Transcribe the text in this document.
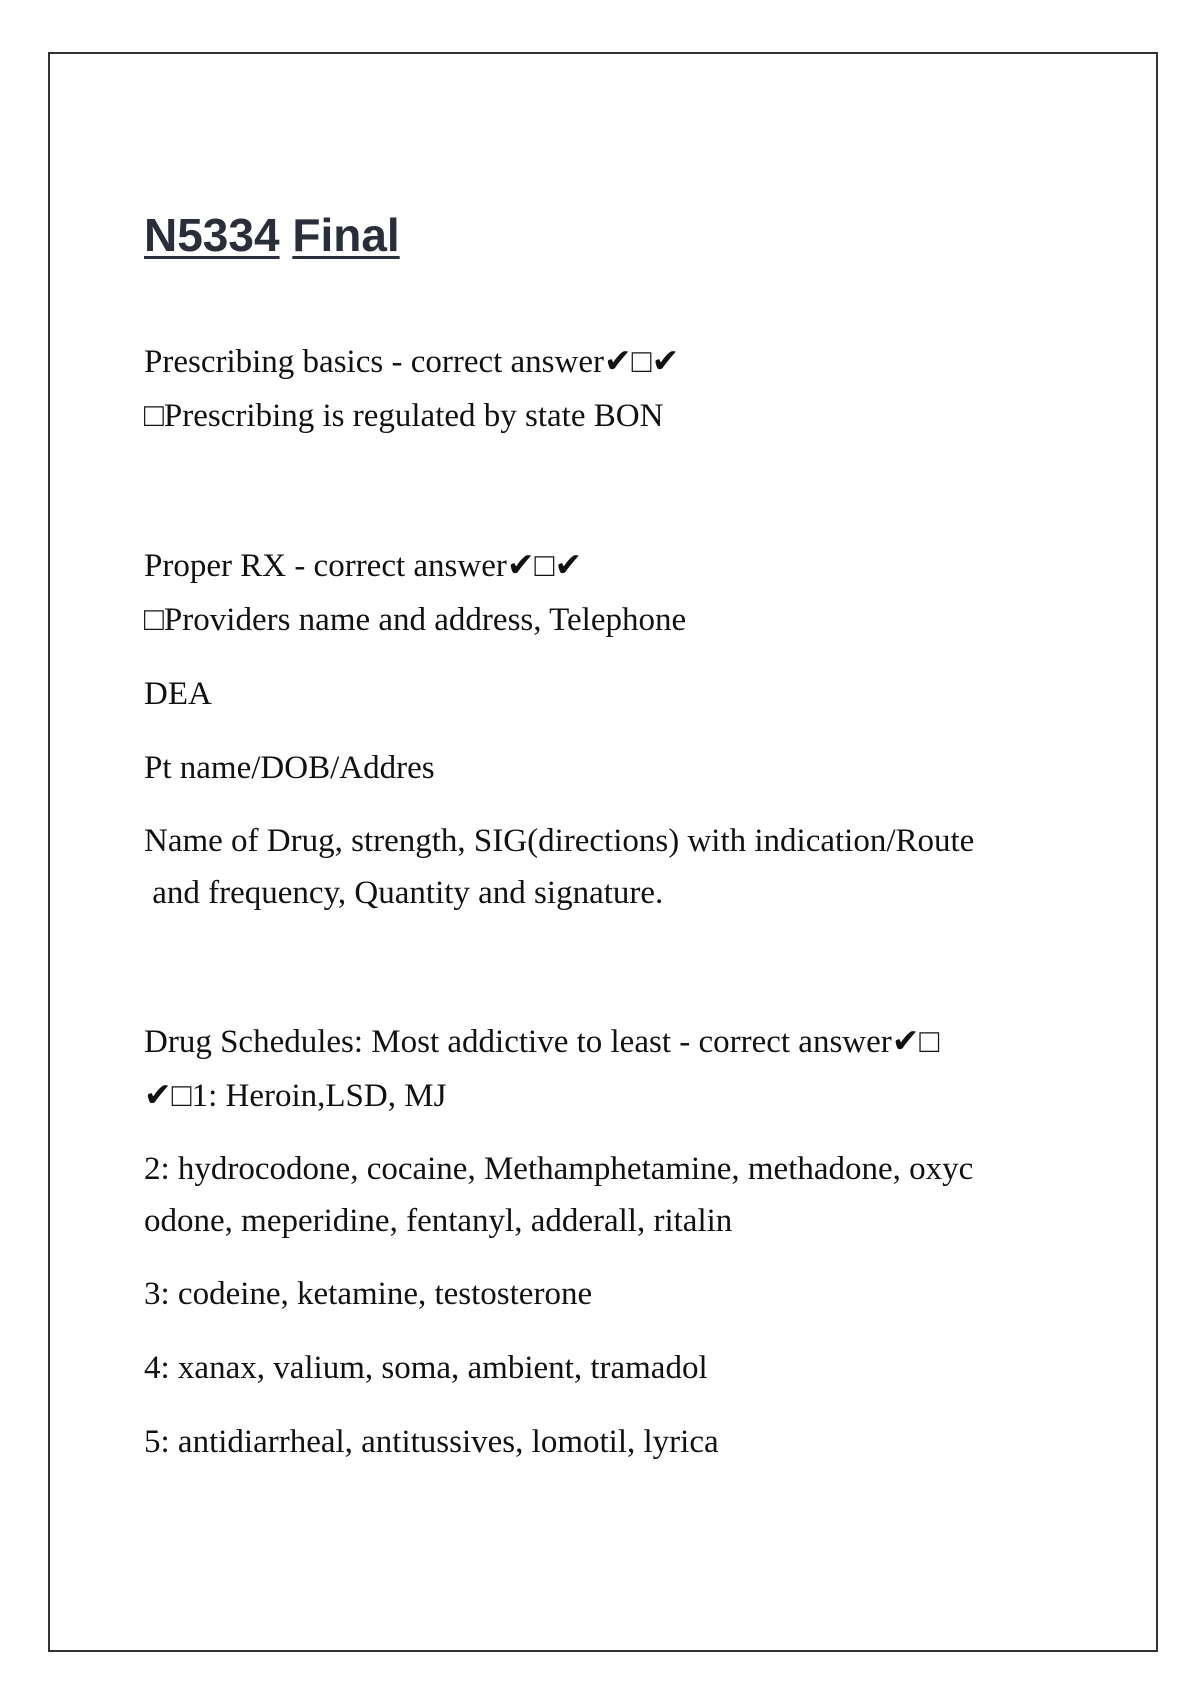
N5334 Final

Prescribing basics - correct answer✔□✔

□Prescribing is regulated by state BON

Proper RX - correct answer✔□✔

□Providers name and address, Telephone

DEA

Pt name/DOB/Addres

Name of Drug, strength, SIG(directions) with indication/Route

and frequency, Quantity and signature.

Drug Schedules: Most addictive to least - correct answer✔□

✔□1: Heroin,LSD, MJ

2: hydrocodone, cocaine, Methamphetamine, methadone, oxyc

odone, meperidine, fentanyl, adderall, ritalin

3: codeine, ketamine, testosterone

4: xanax, valium, soma, ambient, tramadol

5: antidiarrheal, antitussives, lomotil, lyrica
